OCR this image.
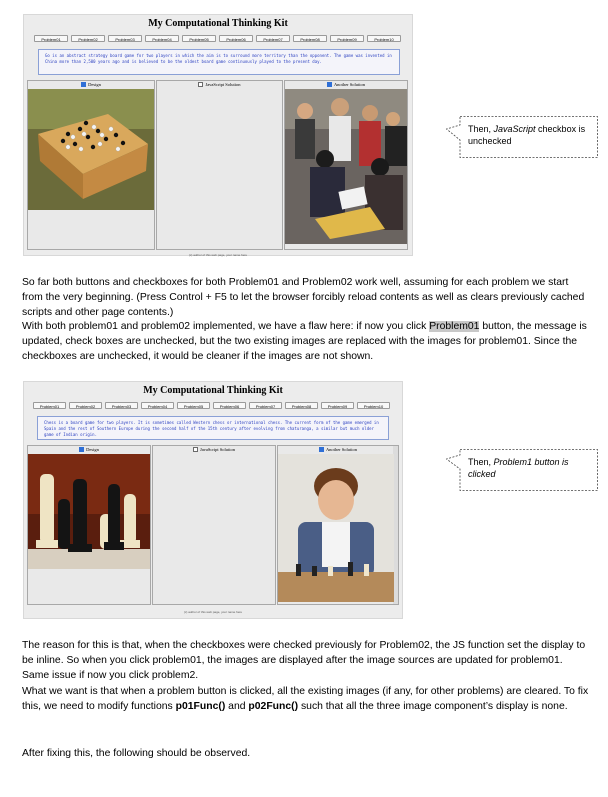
My Computational Thinking Kit
Problem01	Problem02	Problem03	Problem04	Problem05	Problem06	Problem07	Problem08	Problem09	Problem10
Go is an abstract strategy board game for two players in which the aim is to surround more territory than the opponent. The game was invented in China more than 2,500 years ago and is believed to be the oldest board game continuously played to the present day.
Design	JavaScript Solution	Another Solution
(c) author of this web page, your name here
Then, JavaScript checkbox is unchecked

So far both buttons and checkboxes for both Problem01 and Problem02 work well, assuming for each problem we start from the very beginning. (Press Control + F5 to let the browser forcibly reload contents as well as clears previously cached scripts and other page contents.)

With both problem01 and problem02 implemented, we have a flaw here: if now you click Problem01 button, the message is updated, check boxes are unchecked, but the two existing images are replaced with the images for problem01. Since the checkboxes are unchecked, it would be cleaner if the images are not shown.

My Computational Thinking Kit
Problem01	Problem02	Problem03	Problem04	Problem05	Problem06	Problem07	Problem08	Problem09	Problem10
Chess is a board game for two players. It is sometimes called Western chess or international chess. The current form of the game emerged in Spain and the rest of Southern Europe during the second half of the 15th century after evolving from chaturanga, a similar but much older game of Indian origin.
Design	JavaScript Solution	Another Solution
(c) author of this web page, your name here
Then, Problem1 button is clicked

The reason for this is that, when the checkboxes were checked previously for Problem02, the JS function set the display to be inline. So when you click problem01, the images are displayed after the image sources are updated for problem01. Same issue if now you click problem2.

What we want is that when a problem button is clicked, all the existing images (if any, for other problems) are cleared. To fix this, we need to modify functions p01Func() and p02Func() such that all the three image component’s display is none.

After fixing this, the following should be observed.
